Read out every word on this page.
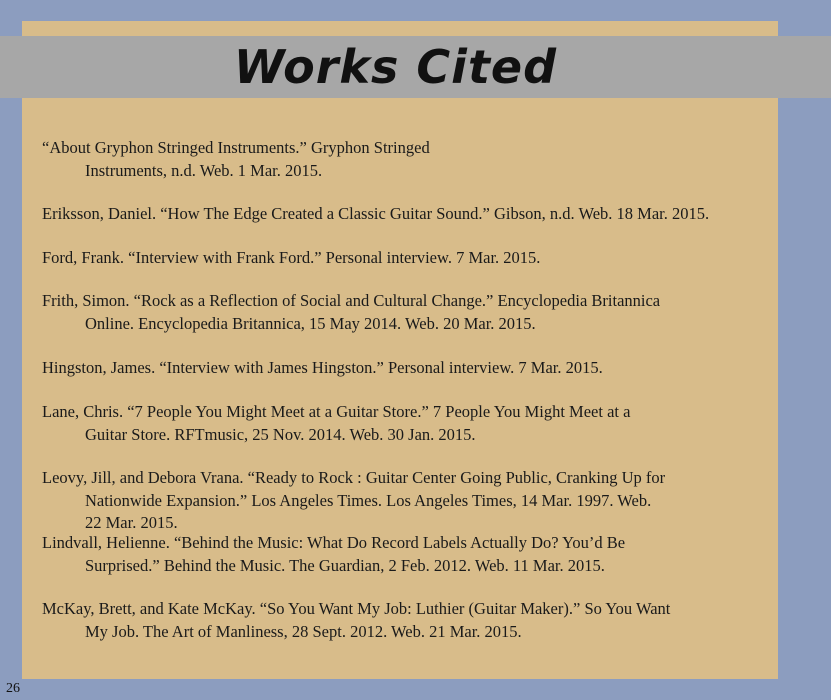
Works Cited
“About Gryphon Stringed Instruments.” Gryphon Stringed
Instruments, n.d. Web. 1 Mar. 2015.
Eriksson, Daniel. “How The Edge Created a Classic Guitar Sound.” Gibson, n.d. Web. 18 Mar. 2015.
Ford, Frank. “Interview with Frank Ford.” Personal interview. 7 Mar. 2015.
Frith, Simon. “Rock as a Reflection of Social and Cultural Change.” Encyclopedia Britannica
Online. Encyclopedia Britannica, 15 May 2014. Web. 20 Mar. 2015.
Hingston, James. “Interview with James Hingston.” Personal interview. 7 Mar. 2015.
Lane, Chris. “7 People You Might Meet at a Guitar Store.” 7 People You Might Meet at a
Guitar Store. RFTmusic, 25 Nov. 2014. Web. 30 Jan. 2015.
Leovy, Jill, and Debora Vrana. “Ready to Rock : Guitar Center Going Public, Cranking Up for
Nationwide Expansion.” Los Angeles Times. Los Angeles Times, 14 Mar. 1997. Web.
22 Mar. 2015.
Lindvall, Helienne. “Behind the Music: What Do Record Labels Actually Do? You’d Be
Surprised.” Behind the Music. The Guardian, 2 Feb. 2012. Web. 11 Mar. 2015.
McKay, Brett, and Kate McKay. “So You Want My Job: Luthier (Guitar Maker).” So You Want
My Job. The Art of Manliness, 28 Sept. 2012. Web. 21 Mar. 2015.
26
